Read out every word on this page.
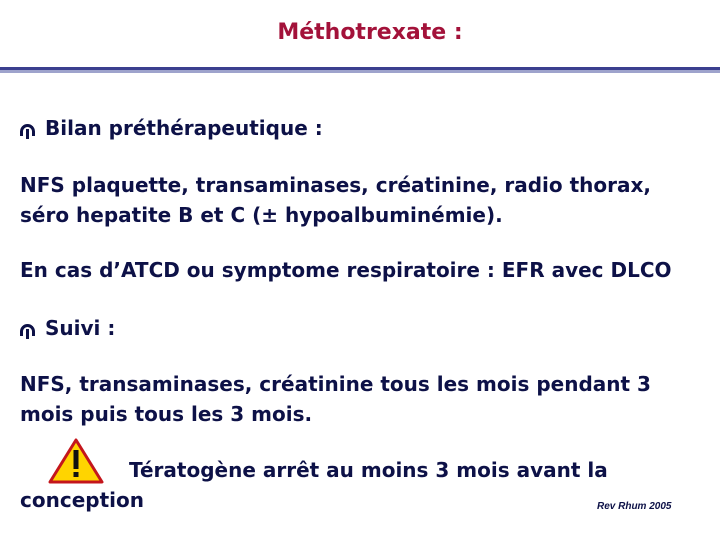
Méthotrexate :
Bilan préthérapeutique :
NFS plaquette, transaminases, créatinine, radio thorax,
séro hepatite B et C (± hypoalbuminémie).
En cas d’ATCD ou symptome respiratoire : EFR avec DLCO
Suivi :
NFS, transaminases, créatinine tous les mois pendant 3
mois puis tous les 3 mois.
Tératogène arrêt au moins 3 mois avant la
conception	Rev Rhum 2005
